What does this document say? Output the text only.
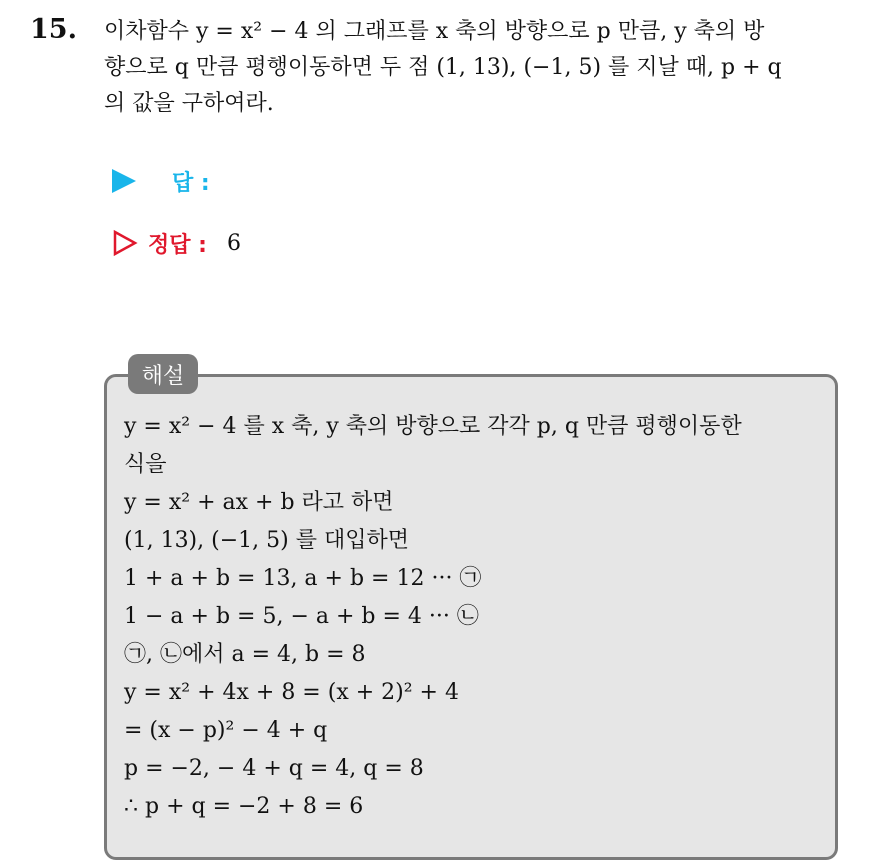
15. 이차함수 y = x² − 4 의 그래프를 x 축의 방향으로 p 만큼, y 축의 방
향으로 q 만큼 평행이동하면 두 점 (1, 13), (−1, 5) 를 지날 때, p + q
의 값을 구하여라.
답 :
정답 : 6
해설
y = x² − 4 를 x 축, y 축의 방향으로 각각 p, q 만큼 평행이동한
식을
y = x² + ax + b 라고 하면
(1, 13), (−1, 5) 를 대입하면
1 + a + b = 13, a + b = 12 ··· ㉠
1 − a + b = 5, − a + b = 4 ··· ㉡
㉠, ㉡에서 a = 4, b = 8
y = x² + 4x + 8 = (x + 2)² + 4
= (x − p)² − 4 + q
p = −2, − 4 + q = 4, q = 8
∴ p + q = −2 + 8 = 6
